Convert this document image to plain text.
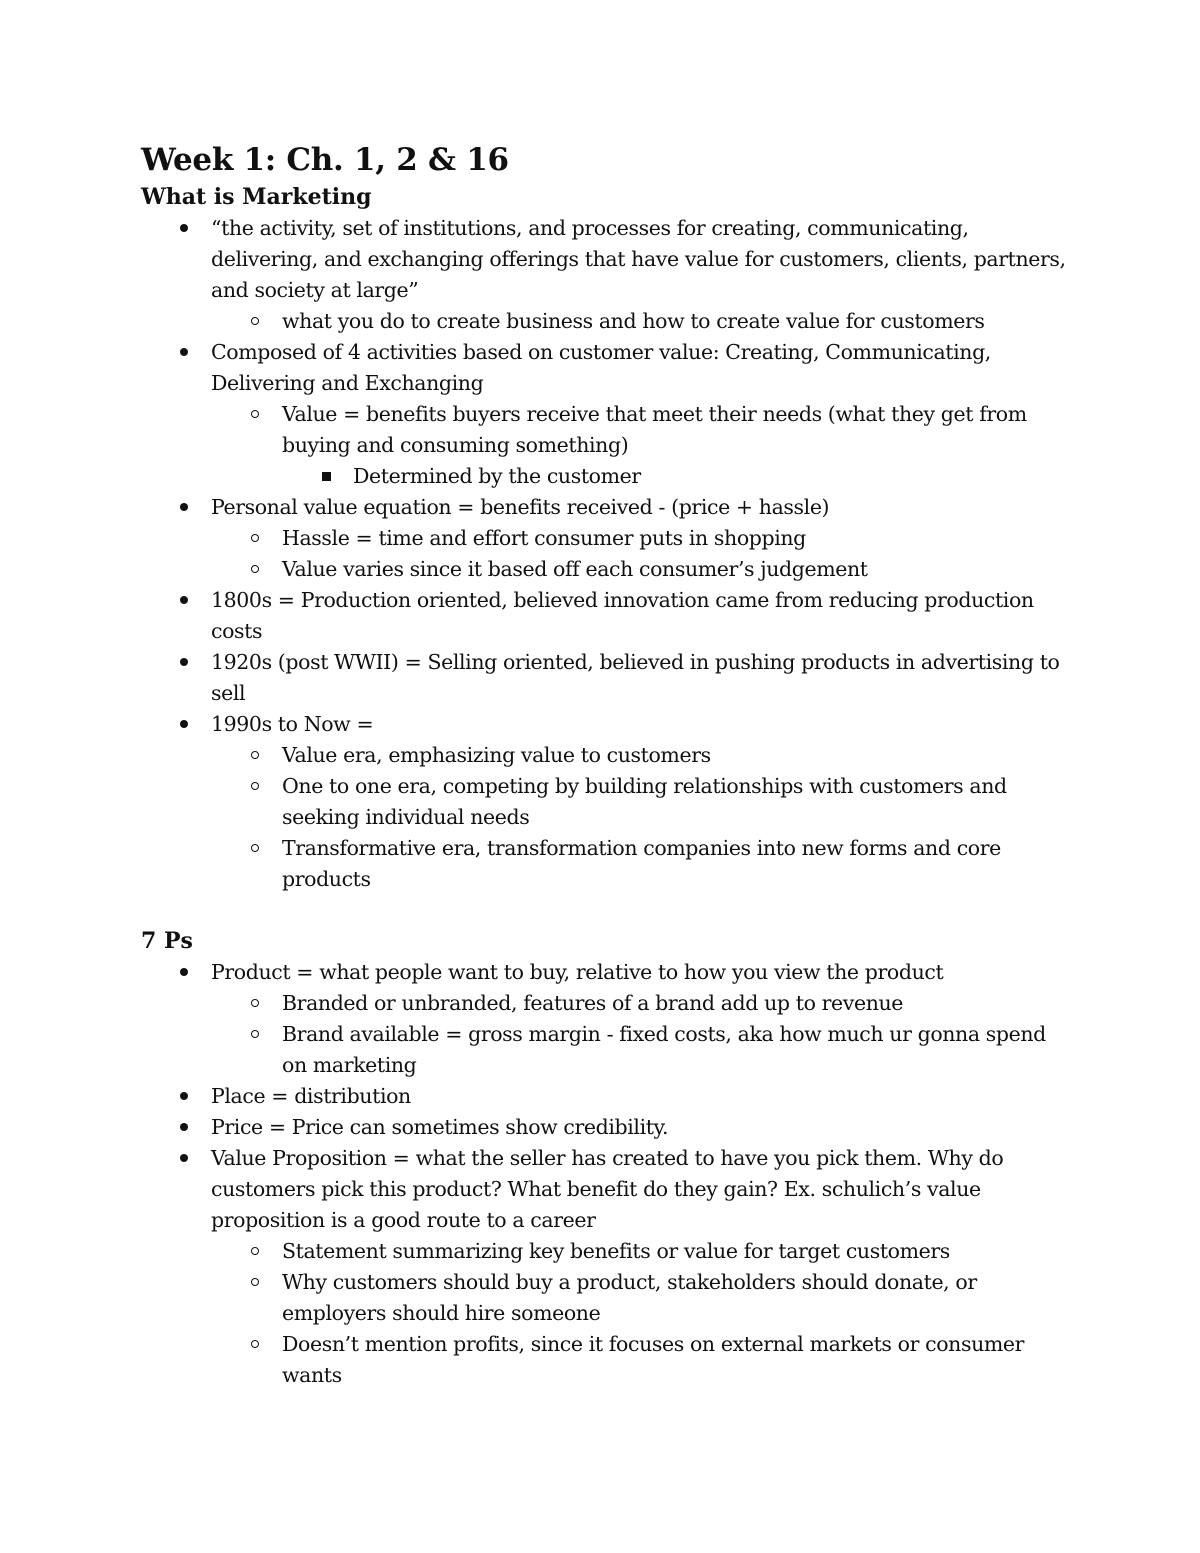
Week 1: Ch. 1, 2 & 16
What is Marketing
“the activity, set of institutions, and processes for creating, communicating, delivering, and exchanging offerings that have value for customers, clients, partners, and society at large”
what you do to create business and how to create value for customers
Composed of 4 activities based on customer value: Creating, Communicating, Delivering and Exchanging
Value = benefits buyers receive that meet their needs (what they get from buying and consuming something)
Determined by the customer
Personal value equation = benefits received - (price + hassle)
Hassle = time and effort consumer puts in shopping
Value varies since it based off each consumer’s judgement
1800s = Production oriented, believed innovation came from reducing production costs
1920s (post WWII) = Selling oriented, believed in pushing products in advertising to sell
1990s to Now =
Value era, emphasizing value to customers
One to one era, competing by building relationships with customers and seeking individual needs
Transformative era, transformation companies into new forms and core products
7 Ps
Product = what people want to buy, relative to how you view the product
Branded or unbranded, features of a brand add up to revenue
Brand available = gross margin - fixed costs, aka how much ur gonna spend on marketing
Place = distribution
Price = Price can sometimes show credibility.
Value Proposition = what the seller has created to have you pick them. Why do customers pick this product? What benefit do they gain? Ex. schulich’s value proposition is a good route to a career
Statement summarizing key benefits or value for target customers
Why customers should buy a product, stakeholders should donate, or employers should hire someone
Doesn’t mention profits, since it focuses on external markets or consumer wants
